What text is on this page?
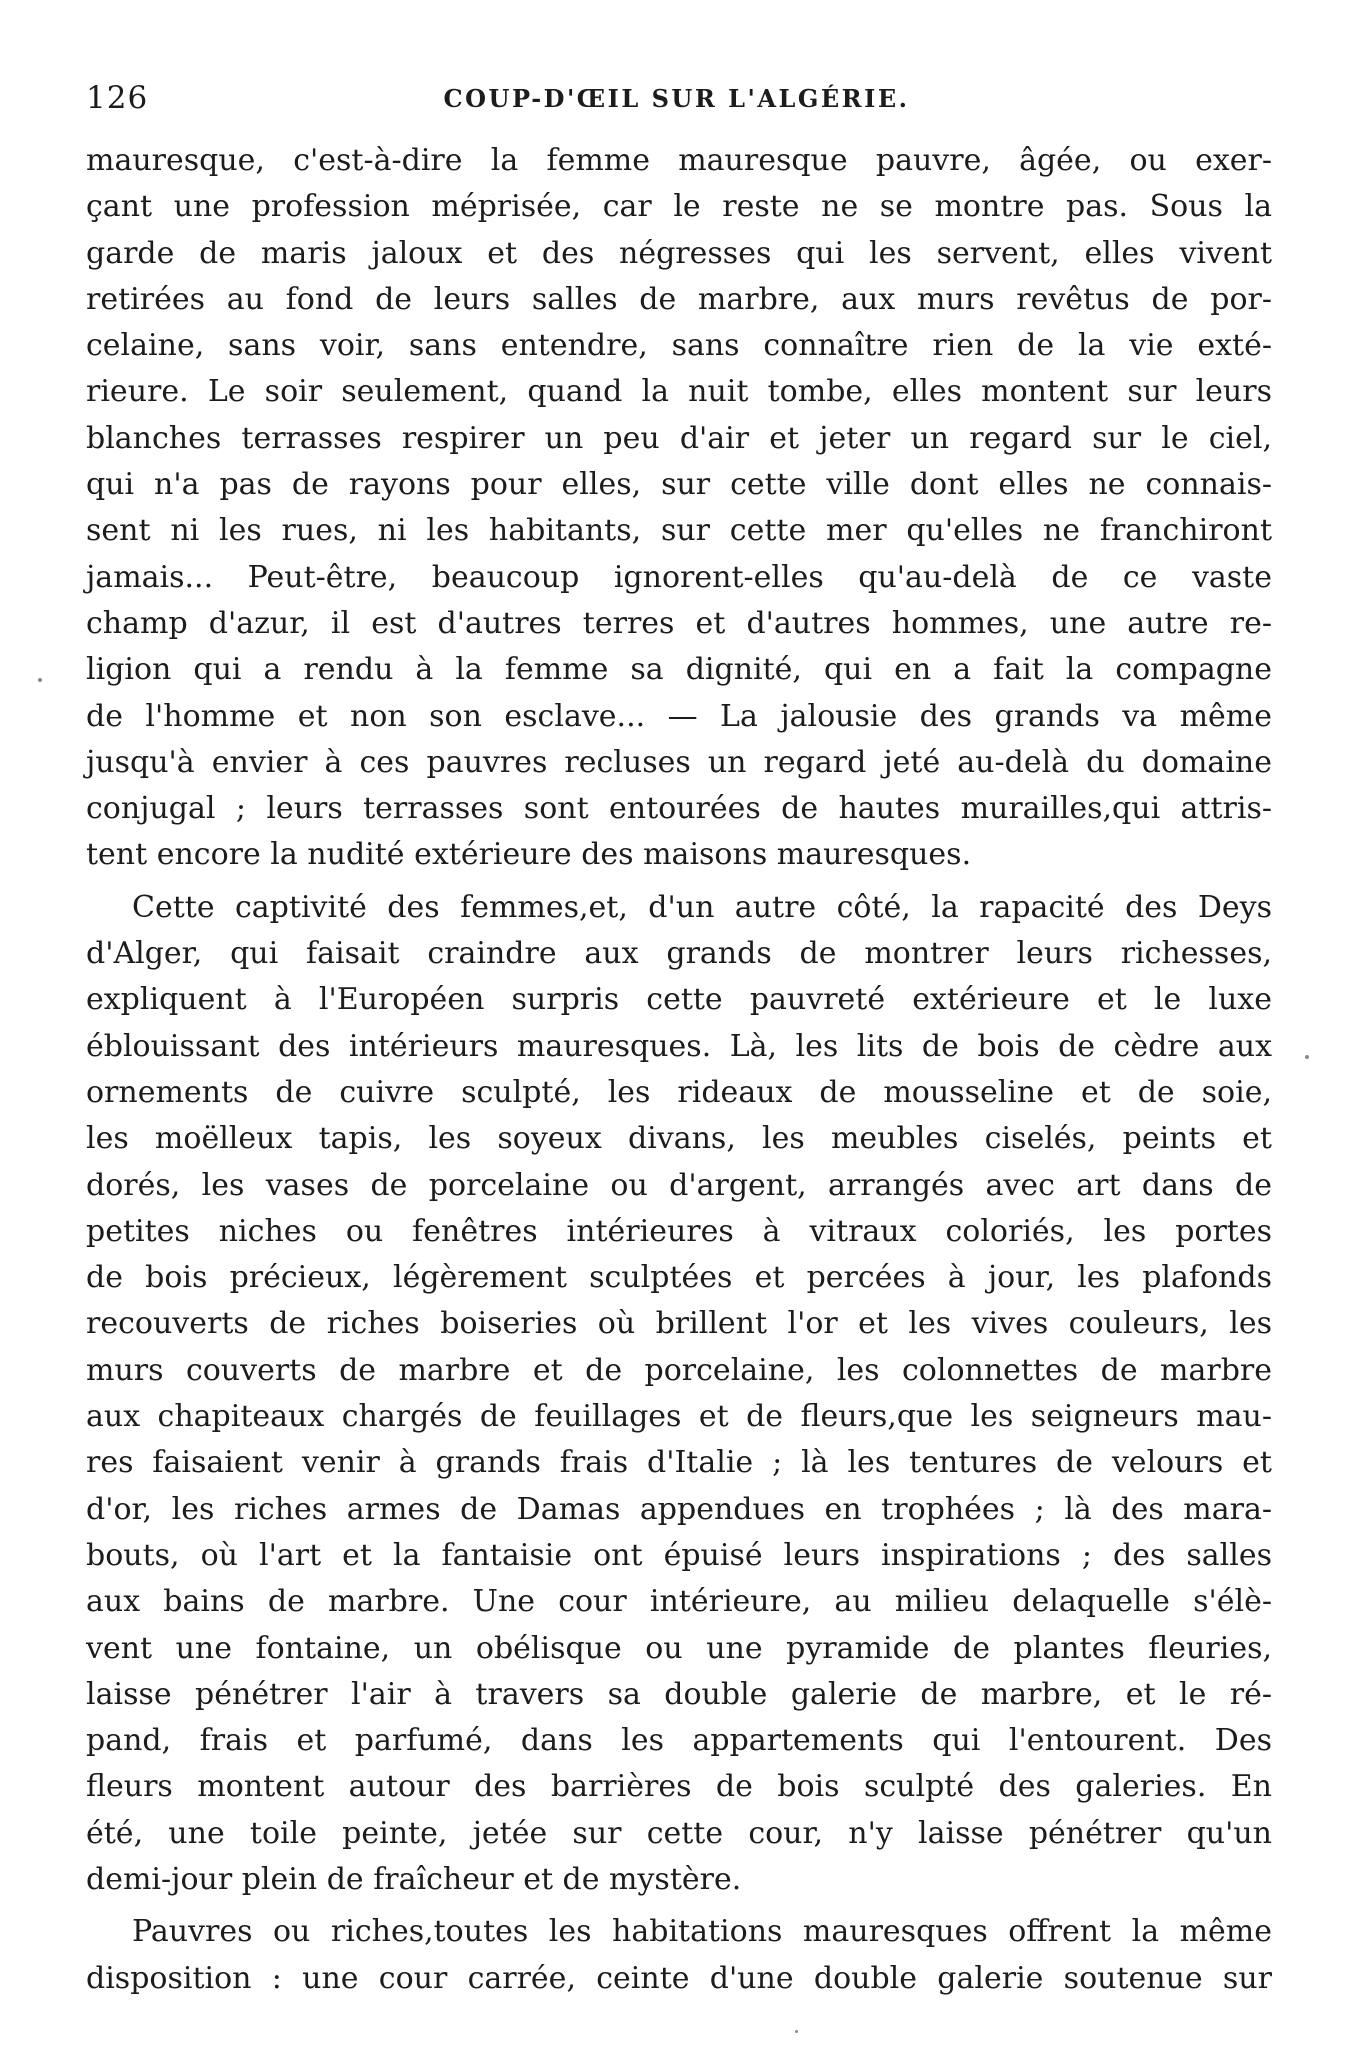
126	COUP-D'ŒIL SUR L'ALGÉRIE.
mauresque, c'est-à-dire la femme mauresque pauvre, âgée, ou exer-
çant une profession méprisée, car le reste ne se montre pas. Sous la
garde de maris jaloux et des négresses qui les servent, elles vivent
retirées au fond de leurs salles de marbre, aux murs revêtus de por-
celaine, sans voir, sans entendre, sans connaître rien de la vie exté-
rieure. Le soir seulement, quand la nuit tombe, elles montent sur leurs
blanches terrasses respirer un peu d'air et jeter un regard sur le ciel,
qui n'a pas de rayons pour elles, sur cette ville dont elles ne connais-
sent ni les rues, ni les habitants, sur cette mer qu'elles ne franchiront
jamais... Peut-être, beaucoup ignorent-elles qu'au-delà de ce vaste
champ d'azur, il est d'autres terres et d'autres hommes, une autre re-
ligion qui a rendu à la femme sa dignité, qui en a fait la compagne
de l'homme et non son esclave... — La jalousie des grands va même
jusqu'à envier à ces pauvres recluses un regard jeté au-delà du domaine
conjugal ; leurs terrasses sont entourées de hautes murailles,qui attris-
tent encore la nudité extérieure des maisons mauresques.
Cette captivité des femmes,et, d'un autre côté, la rapacité des Deys
d'Alger, qui faisait craindre aux grands de montrer leurs richesses,
expliquent à l'Européen surpris cette pauvreté extérieure et le luxe
éblouissant des intérieurs mauresques. Là, les lits de bois de cèdre aux
ornements de cuivre sculpté, les rideaux de mousseline et de soie,
les moëlleux tapis, les soyeux divans, les meubles ciselés, peints et
dorés, les vases de porcelaine ou d'argent, arrangés avec art dans de
petites niches ou fenêtres intérieures à vitraux coloriés, les portes
de bois précieux, légèrement sculptées et percées à jour, les plafonds
recouverts de riches boiseries où brillent l'or et les vives couleurs, les
murs couverts de marbre et de porcelaine, les colonnettes de marbre
aux chapiteaux chargés de feuillages et de fleurs,que les seigneurs mau-
res faisaient venir à grands frais d'Italie ; là les tentures de velours et
d'or, les riches armes de Damas appendues en trophées ; là des mara-
bouts, où l'art et la fantaisie ont épuisé leurs inspirations ; des salles
aux bains de marbre. Une cour intérieure, au milieu delaquelle s'élè-
vent une fontaine, un obélisque ou une pyramide de plantes fleuries,
laisse pénétrer l'air à travers sa double galerie de marbre, et le ré-
pand, frais et parfumé, dans les appartements qui l'entourent. Des
fleurs montent autour des barrières de bois sculpté des galeries. En
été, une toile peinte, jetée sur cette cour, n'y laisse pénétrer qu'un
demi-jour plein de fraîcheur et de mystère.
Pauvres ou riches,toutes les habitations mauresques offrent la même
disposition : une cour carrée, ceinte d'une double galerie soutenue sur
